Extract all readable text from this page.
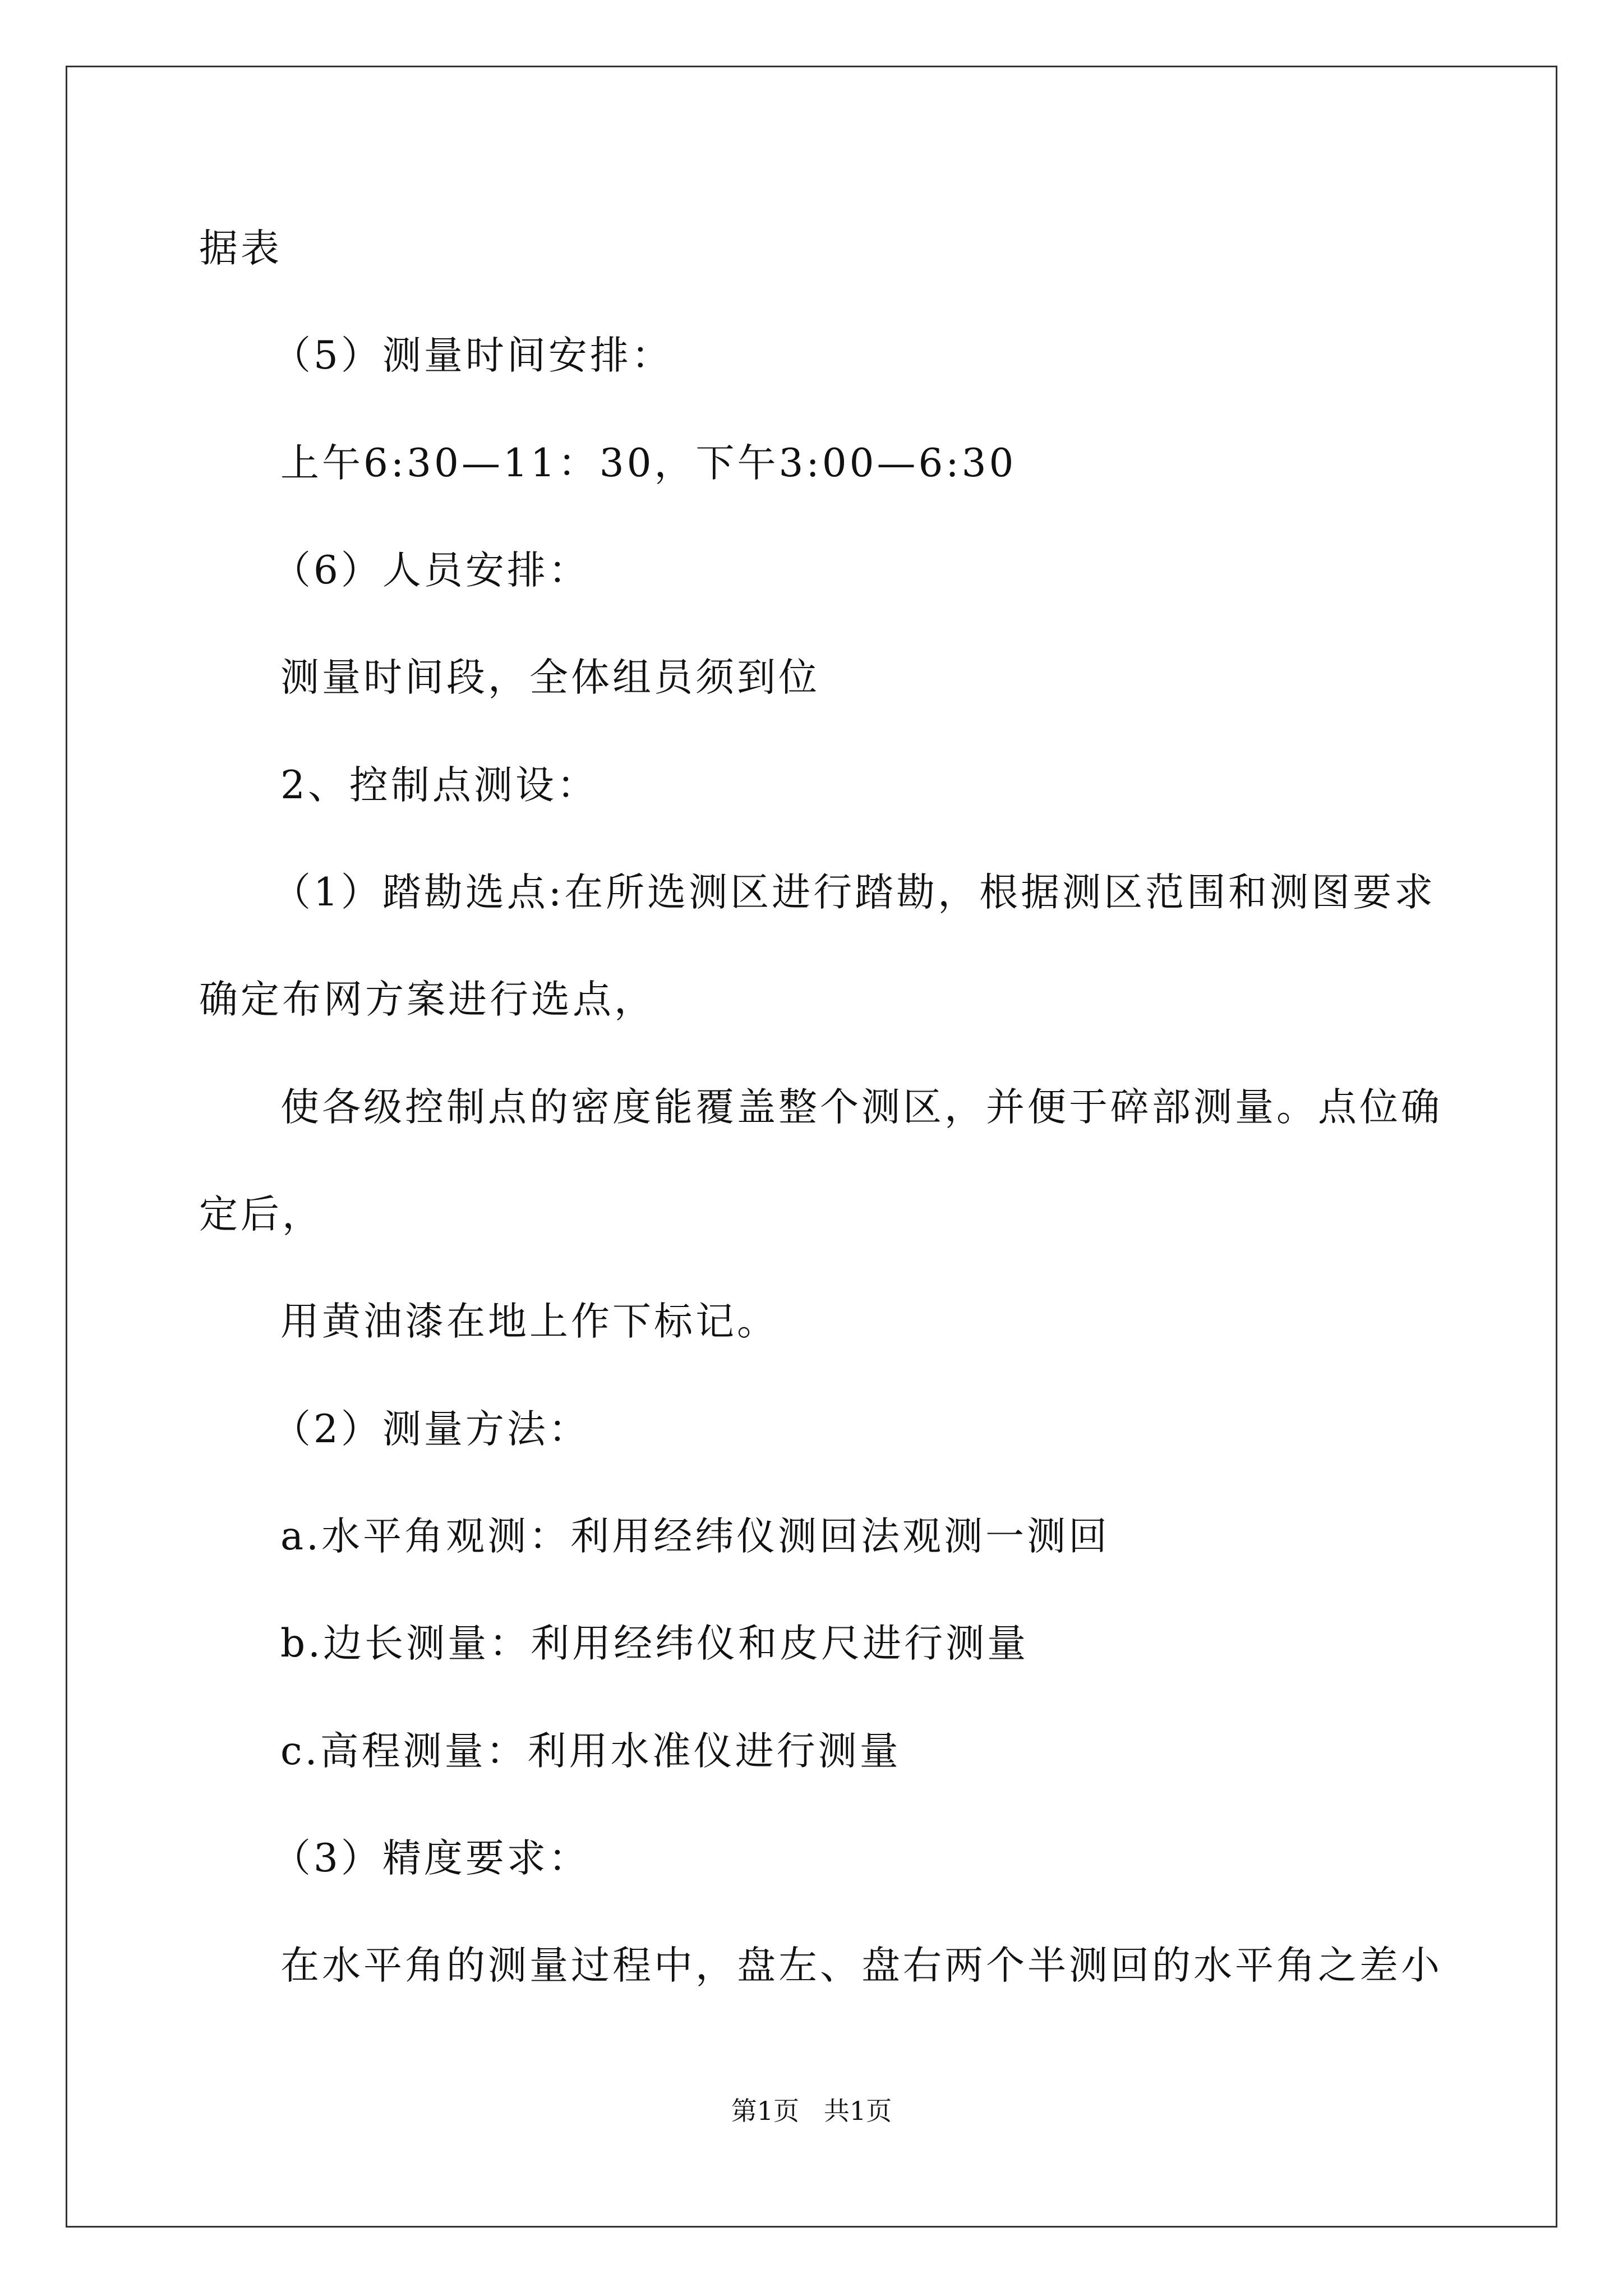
据表
（5）测量时间安排：
上午6:30—11：30，下午3:00—6:30
（6）人员安排：
测量时间段，全体组员须到位
2、控制点测设：
（1）踏勘选点:在所选测区进行踏勘，根据测区范围和测图要求
确定布网方案进行选点，
使各级控制点的密度能覆盖整个测区，并便于碎部测量。点位确
定后，
用黄油漆在地上作下标记。
（2）测量方法：
a.水平角观测：利用经纬仪测回法观测一测回
b.边长测量：利用经纬仪和皮尺进行测量
c.高程测量：利用水准仪进行测量
（3）精度要求：
在水平角的测量过程中，盘左、盘右两个半测回的水平角之差小
第1页   共1页
